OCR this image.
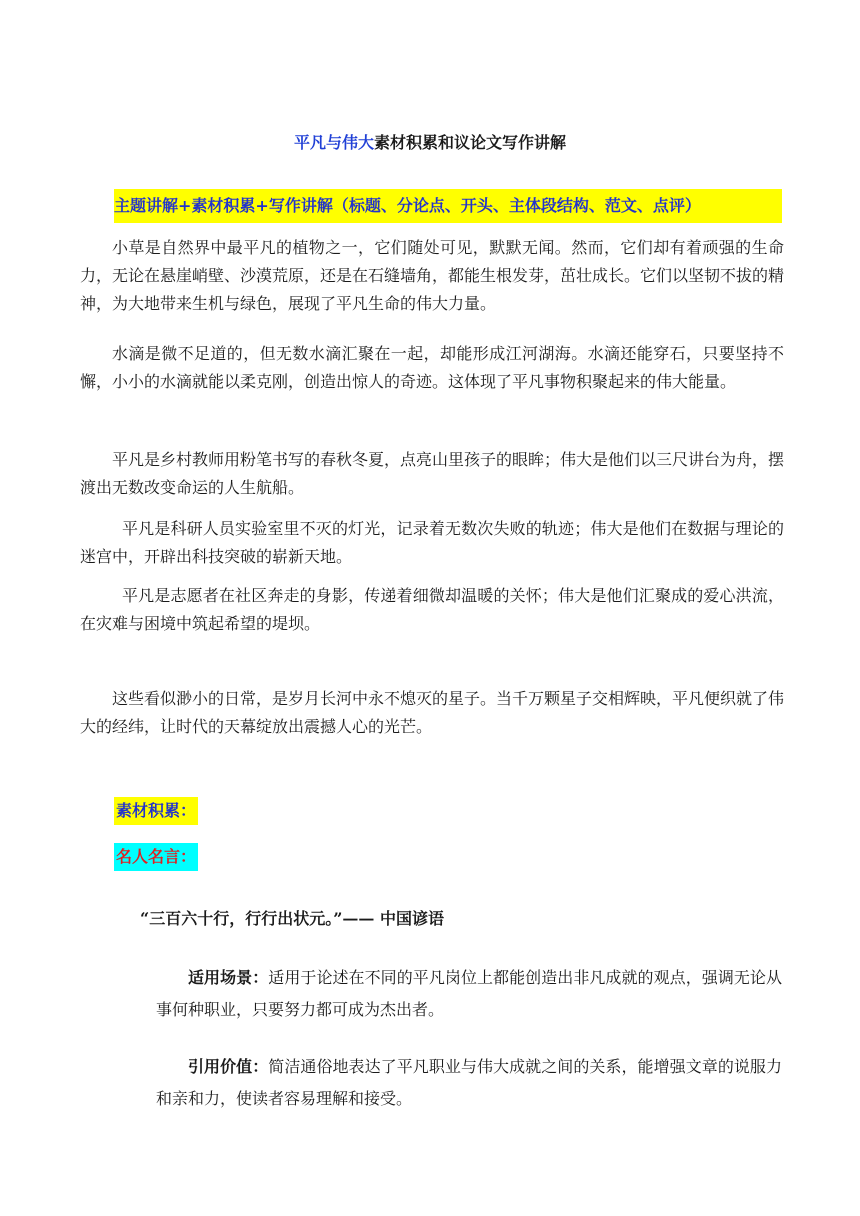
平凡与伟大素材积累和议论文写作讲解
主题讲解+素材积累+写作讲解（标题、分论点、开头、主体段结构、范文、点评）

小草是自然界中最平凡的植物之一，它们随处可见，默默无闻。然而，它们却有着顽强的生命力，无论在悬崖峭壁、沙漠荒原，还是在石缝墙角，都能生根发芽，茁壮成长。它们以坚韧不拔的精神，为大地带来生机与绿色，展现了平凡生命的伟大力量。

水滴是微不足道的，但无数水滴汇聚在一起，却能形成江河湖海。水滴还能穿石，只要坚持不懈，小小的水滴就能以柔克刚，创造出惊人的奇迹。这体现了平凡事物积聚起来的伟大能量。

平凡是乡村教师用粉笔书写的春秋冬夏，点亮山里孩子的眼眸；伟大是他们以三尺讲台为舟，摆渡出无数改变命运的人生航船。

平凡是科研人员实验室里不灭的灯光，记录着无数次失败的轨迹；伟大是他们在数据与理论的迷宫中，开辟出科技突破的崭新天地。

平凡是志愿者在社区奔走的身影，传递着细微却温暖的关怀；伟大是他们汇聚成的爱心洪流，在灾难与困境中筑起希望的堤坝。

这些看似渺小的日常，是岁月长河中永不熄灭的星子。当千万颗星子交相辉映，平凡便织就了伟大的经纬，让时代的天幕绽放出震撼人心的光芒。

素材积累：
名人名言：
“三百六十行，行行出状元。”—— 中国谚语

适用场景：适用于论述在不同的平凡岗位上都能创造出非凡成就的观点，强调无论从事何种职业，只要努力都可成为杰出者。

引用价值：简洁通俗地表达了平凡职业与伟大成就之间的关系，能增强文章的说服力和亲和力，使读者容易理解和接受。
